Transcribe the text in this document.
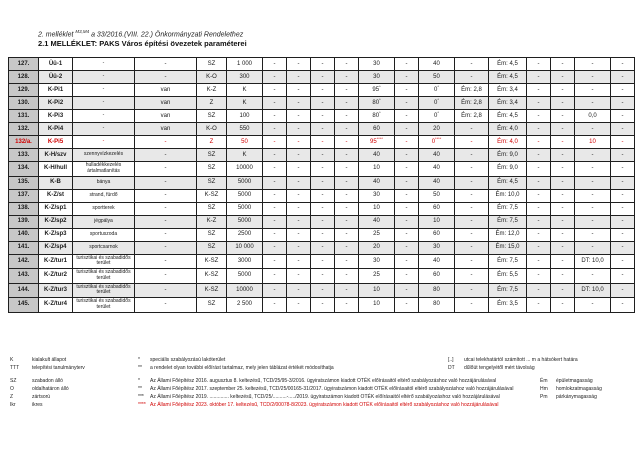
2. melléklet $^{M3,M4}$ a 33/2016.(VIII. 22.) Önkormányzati Rendelethez
2.1 MELLÉKLET: PAKS Város építési övezetek paraméterei
127.	Üü-1	-	-	SZ	1 000	-	-	-	-	30	-	40	-	Ém: 4,5	-	-	-	-
128.	Üü-2	-	-	K-O	300	-	-	-	-	30	-	50	-	Ém: 4,5	-	-	-	-
129.	K-Pi1	-	van	K-Z	K	-	-	-	-	95*	-	0*	Ém: 2,8	Ém: 3,4	-	-	-	-
130.	K-Pi2	-	van	Z	K	-	-	-	-	80*	-	0*	Ém: 2,8	Ém: 3,4	-	-	-	-
131.	K-Pi3	-	van	SZ	100	-	-	-	-	80*	-	0*	Ém: 2,8	Ém: 4,5	-	-	0,0	-
132.	K-Pi4	-	van	K-O	550	-	-	-	-	60	-	20	-	Ém: 4,0	-	-	-	-
132/a.	K-Pi5	-	-	Z	50	-	-	-	-	95****	-	0****	-	Ém: 4,0	-	-	10	-
133.	K-H/szv	szennyvízkezelés	-	SZ	K	-	-	-	-	40	-	40	-	Ém: 9,0	-	-	-	-
134.	K-H/hull	hulladékkezelés ártalmatlanítás	-	SZ	10000	-	-	-	-	10	-	40	-	Ém: 9,0	-	-	-	-
135.	K-B	bánya	-	SZ	5000	-	-	-	-	40	-	40	-	Ém: 4,5	-	-	-	-
137.	K-Z/st	strand, fürdő	-	K-SZ	5000	-	-	-	-	30	-	50	-	Ém: 10,0	-	-	-	-
138.	K-Z/sp1	sportterek	-	SZ	5000	-	-	-	-	10	-	60	-	Ém: 7,5	-	-	-	-
139.	K-Z/sp2	jégpálya	-	K-Z	5000	-	-	-	-	40	-	10	-	Ém: 7,5	-	-	-	-
140.	K-Z/sp3	sportuszoda	-	SZ	2500	-	-	-	-	25	-	60	-	Ém: 12,0	-	-	-	-
141.	K-Z/sp4	sportcsarnok	-	SZ	10 000	-	-	-	-	20	-	30	-	Ém: 15,0	-	-	-	-
142.	K-Z/tur1	turisztikai és szabadidős terület	-	K-SZ	3000	-	-	-	-	30	-	40	-	Ém: 7,5	-	-	DT: 10,0	-
143.	K-Z/tur2	turisztikai és szabadidős terület	-	K-SZ	5000	-	-	-	-	25	-	60	-	Ém: 5,5	-	-	-	-
144.	K-Z/tur3	turisztikai és szabadidős terület	-	K-SZ	10000	-	-	-	-	10	-	80	-	Ém: 7,5	-	-	DT: 10,0	-
145.	K-Z/tur4	turisztikai és szabadidős terület	-	SZ	2 500	-	-	-	-	10	-	80	-	Ém: 3,5	-	-	-	-
K	kialakult állapot
TTT	telepítési tanulmányterv
*	speciális szabályozású lakóterület
**	a rendelet olyan további előírást tartalmaz, mely jelen táblázat értékét módosíthatja
[..]	utcai telekhatártól számított ... m a hátsókert határa
DT	dűlőút tengelyétől mért távolság
SZ	szabadon álló
O	oldalhatáron álló
Z	zártsorú
Ikr	ikres
*	Az Állami Főépítész 2016. augusztus 8. keltezésű, TCD/25/95-3/2016. ügyiratszámon kiadott OTÉK előírásaitól eltérő szabályozáshoz való hozzájárulásával
**	Az Állami Főépítész 2017. szeptember 25. keltezésű, TCD/25/00165-31/2017. ügyiratszámon kiadott OTÉK előírásaitól eltérő szabályozáshoz való hozzájárulásával
***	Az Állami Főépítész 2019. .............. keltezésű, TCD/25/..........-...../2019. ügyiratszámon kiadott OTÉK előírásaitól eltérő szabályozáshoz való hozzájárulásával
**** Az Állami Főépítész 2023. október 17. keltezésű, TCD/2/00078-8/2023. ügyiratszámon kiadott OTÉK előírásaitól eltérő szabályozáshoz való hozzájárulásával
Ém	épületmagasság
Hm	homlokzatmagasság
Pm	párkánymagasság
